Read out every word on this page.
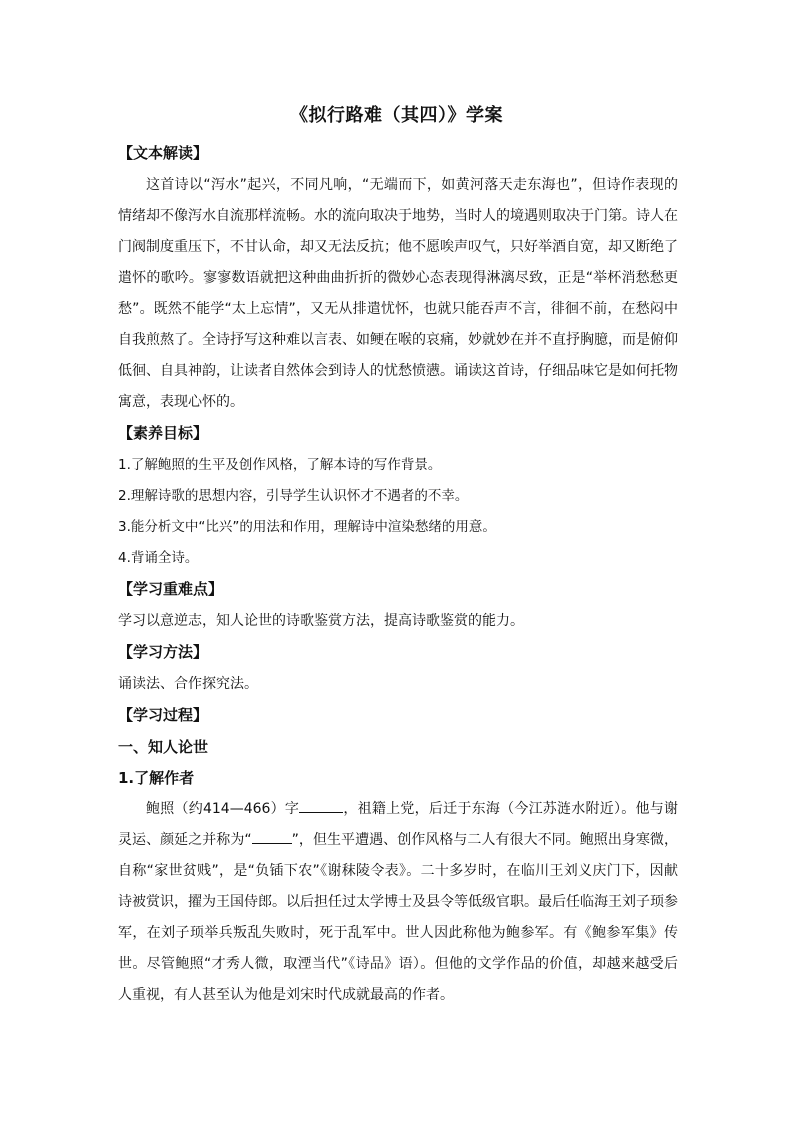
《拟行路难（其四）》学案
【文本解读】

这首诗以“泻水”起兴，不同凡响，“无端而下，如黄河落天走东海也”，但诗作表现的情绪却不像泻水自流那样流畅。水的流向取决于地势，当时人的境遇则取决于门第。诗人在门阀制度重压下，不甘认命，却又无法反抗；他不愿唉声叹气，只好举酒自宽，却又断绝了遣怀的歌吟。寥寥数语就把这种曲曲折折的微妙心态表现得淋漓尽致，正是“举杯消愁愁更愁”。既然不能学“太上忘情”，又无从排遣忧怀，也就只能吞声不言，徘徊不前，在愁闷中自我煎熬了。全诗抒写这种难以言表、如鲠在喉的哀痛，妙就妙在并不直抒胸臆，而是俯仰低徊、自具神韵，让读者自然体会到诗人的忧愁愤懑。诵读这首诗，仔细品味它是如何托物寓意，表现心怀的。

【素养目标】

1.了解鲍照的生平及创作风格，了解本诗的写作背景。

2.理解诗歌的思想内容，引导学生认识怀才不遇者的不幸。

3.能分析文中“比兴”的用法和作用，理解诗中渲染愁绪的用意。

4.背诵全诗。

【学习重难点】

学习以意逆志，知人论世的诗歌鉴赏方法，提高诗歌鉴赏的能力。

【学习方法】

诵读法、合作探究法。

【学习过程】

一、知人论世

1.了解作者

鲍照（约414—466）字	，祖籍上党，后迁于东海（今江苏涟水附近）。他与谢灵运、颜延之并称为“	”，但生平遭遇、创作风格与二人有很大不同。鲍照出身寒微，自称“家世贫贱”，是“负锸下农”《谢秣陵令表》。二十多岁时，在临川王刘义庆门下，因献诗被赏识，擢为王国侍郎。以后担任过太学博士及县令等低级官职。最后任临海王刘子顼参军，在刘子顼举兵叛乱失败时，死于乱军中。世人因此称他为鲍参军。有《鲍参军集》传世。尽管鲍照“才秀人微，取湮当代”《诗品》语）。但他的文学作品的价值，却越来越受后人重视，有人甚至认为他是刘宋时代成就最高的作者。
